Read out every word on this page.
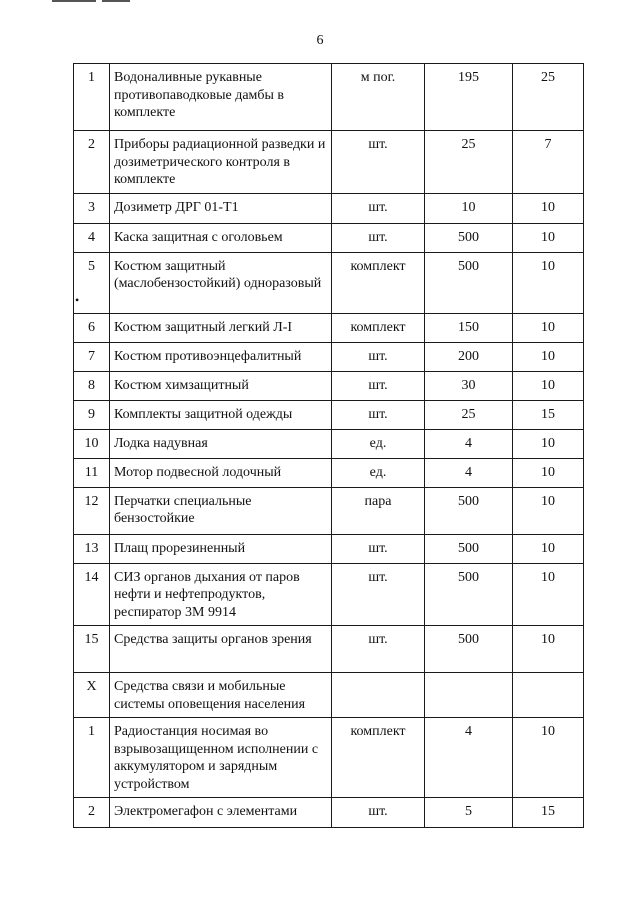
6
•
1	Водоналивные рукавные противопаводковые дамбы в комплекте	м пог.	195	25
2	Приборы радиационной разведки и дозиметрического контроля в комплекте	шт.	25	7
3	Дозиметр ДРГ 01-Т1	шт.	10	10
4	Каска защитная с оголовьем	шт.	500	10
5	Костюм защитный (маслобензостойкий) одноразовый	комплект	500	10
6	Костюм защитный легкий Л-I	комплект	150	10
7	Костюм противоэнцефалитный	шт.	200	10
8	Костюм химзащитный	шт.	30	10
9	Комплекты защитной одежды	шт.	25	15
10	Лодка надувная	ед.	4	10
11	Мотор подвесной лодочный	ед.	4	10
12	Перчатки специальные бензостойкие	пара	500	10
13	Плащ прорезиненный	шт.	500	10
14	СИЗ органов дыхания от паров нефти и нефтепродуктов, респиратор 3М 9914	шт.	500	10
15	Средства защиты органов зрения	шт.	500	10
X	Средства связи и мобильные системы оповещения населения			
1	Радиостанция носимая во взрывозащищенном исполнении с аккумулятором и зарядным устройством	комплект	4	10
2	Электромегафон с элементами	шт.	5	15
